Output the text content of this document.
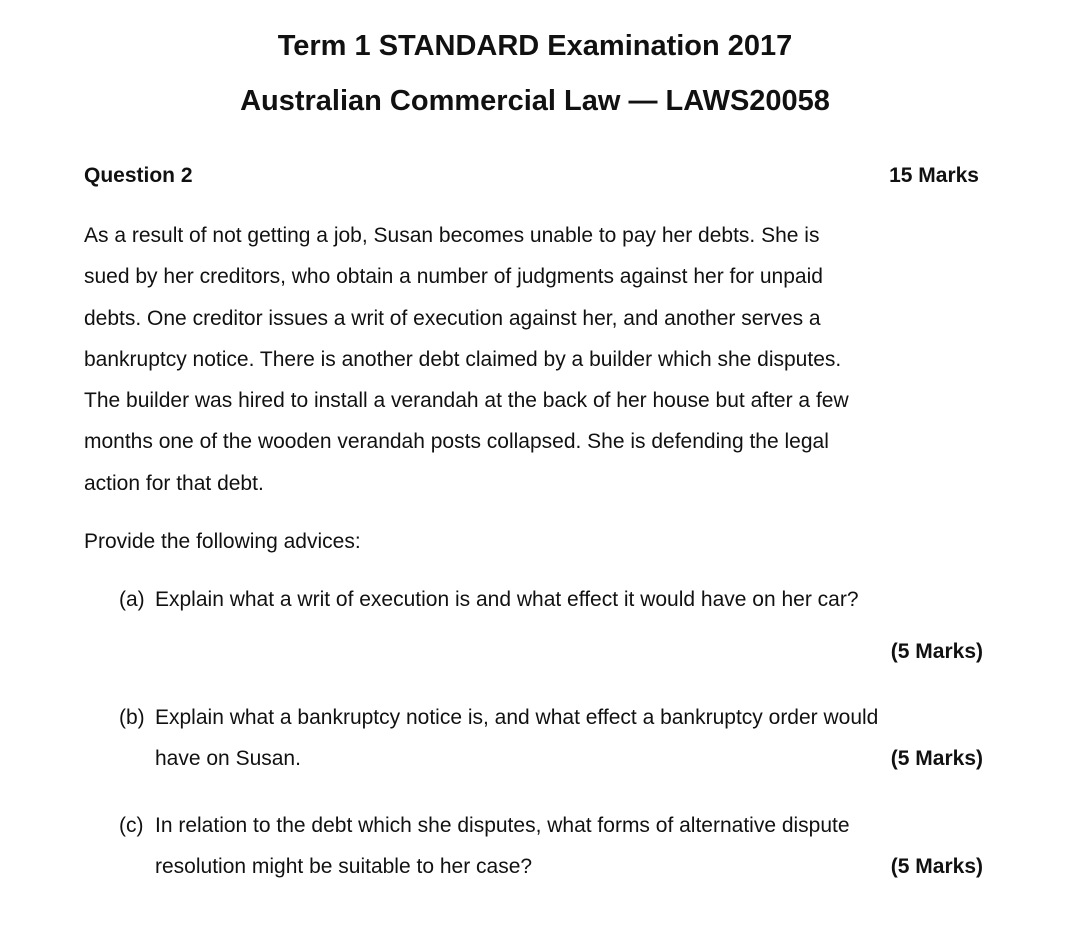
Term 1 STANDARD Examination 2017
Australian Commercial Law — LAWS20058
Question 2	15 Marks
As a result of not getting a job, Susan becomes unable to pay her debts. She is
sued by her creditors, who obtain a number of judgments against her for unpaid
debts. One creditor issues a writ of execution against her, and another serves a
bankruptcy notice. There is another debt claimed by a builder which she disputes.
The builder was hired to install a verandah at the back of her house but after a few
months one of the wooden verandah posts collapsed. She is defending the legal
action for that debt.
Provide the following advices:
(a) Explain what a writ of execution is and what effect it would have on her car?
(5 Marks)
(b) Explain what a bankruptcy notice is, and what effect a bankruptcy order would
have on Susan.	(5 Marks)
(c) In relation to the debt which she disputes, what forms of alternative dispute
resolution might be suitable to her case?	(5 Marks)
